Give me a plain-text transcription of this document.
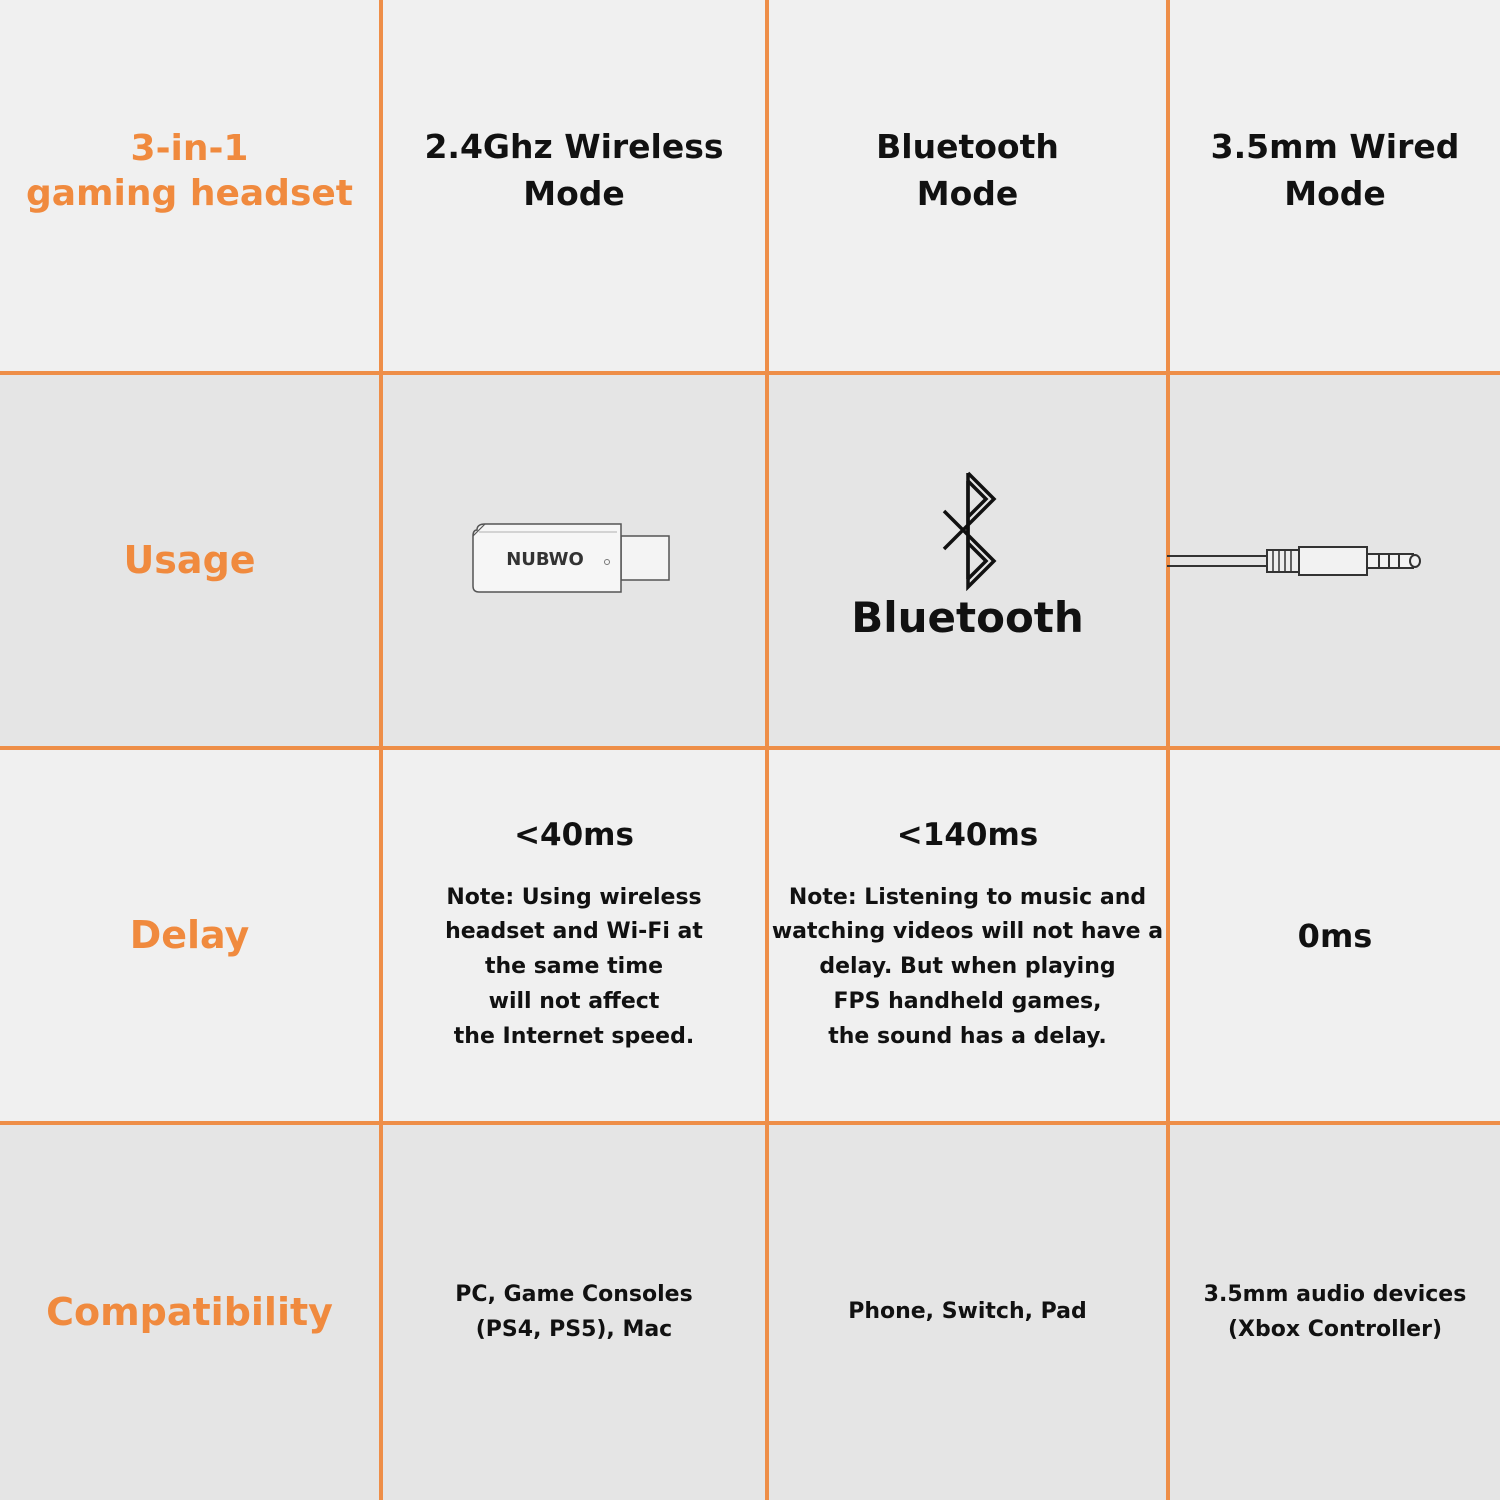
3-in-1
gaming headset
2.4Ghz Wireless
Mode
Bluetooth
Mode
3.5mm Wired
Mode
Usage	NUBWO
Bluetooth
Delay
<40ms
Note: Using wireless
headset and Wi-Fi at
the same time
will not affect
the Internet speed.
<140ms
Note: Listening to music and
watching videos will not have a
delay. But when playing
FPS handheld games,
the sound has a delay.
0ms
Compatibility	PC, Game Consoles
(PS4, PS5), Mac
Phone, Switch, Pad
3.5mm audio devices
(Xbox Controller)
